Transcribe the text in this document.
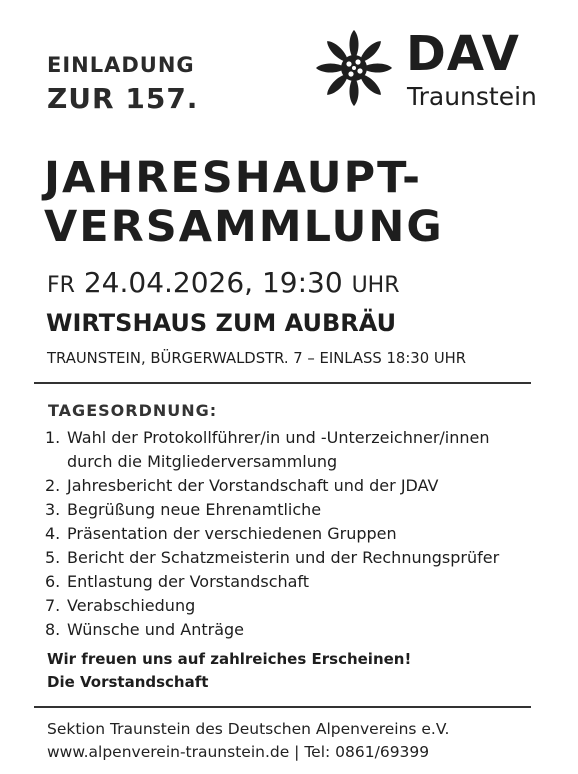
EINLADUNG
ZUR 157.
DAV
Traunstein
JAHRESHAUPT-
VERSAMMLUNG
FR 24.04.2026, 19:30 UHR
WIRTSHAUS ZUM AUBRÄU
TRAUNSTEIN, BÜRGERWALDSTR. 7 – EINLASS 18:30 UHR
TAGESORDNUNG:
1. Wahl der Protokollführer/in und -Unterzeichner/innen
durch die Mitgliederversammlung
2. Jahresbericht der Vorstandschaft und der JDAV
3. Begrüßung neue Ehrenamtliche
4. Präsentation der verschiedenen Gruppen
5. Bericht der Schatzmeisterin und der Rechnungsprüfer
6. Entlastung der Vorstandschaft
7. Verabschiedung
8. Wünsche und Anträge
Wir freuen uns auf zahlreiches Erscheinen!
Die Vorstandschaft
Sektion Traunstein des Deutschen Alpenvereins e.V.
www.alpenverein-traunstein.de | Tel: 0861/69399
